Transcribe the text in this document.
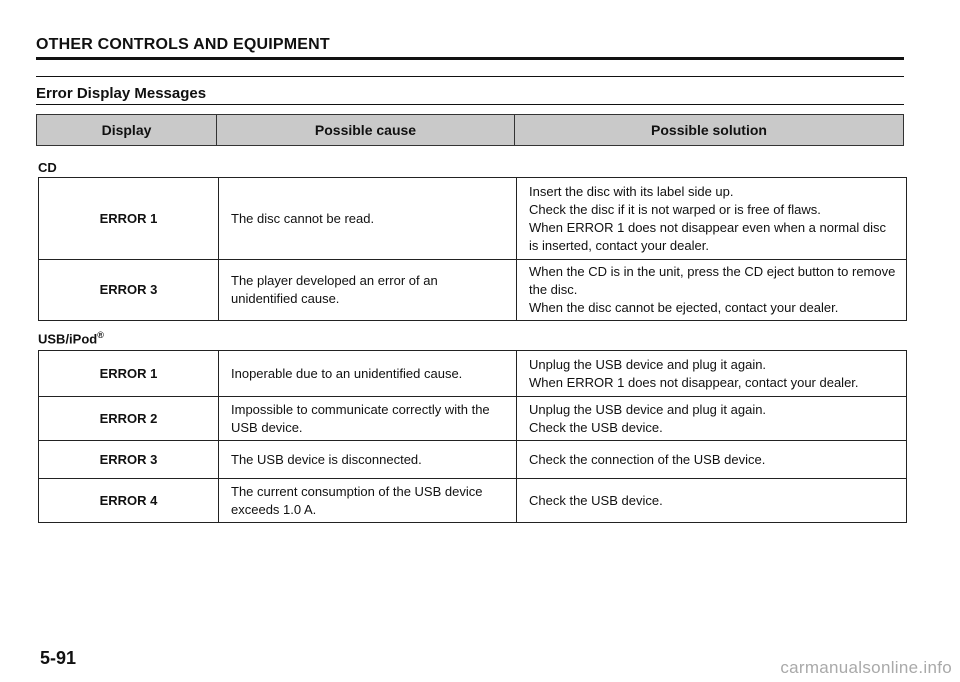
OTHER CONTROLS AND EQUIPMENT
Error Display Messages
Display	Possible cause	Possible solution
CD
ERROR 1	The disc cannot be read.	Insert the disc with its label side up.
Check the disc if it is not warped or is free of flaws.
When ERROR 1 does not disappear even when a normal disc is inserted, contact your dealer.

ERROR 3	The player developed an error of an unidentified cause.	When the CD is in the unit, press the CD eject button to remove the disc.
When the disc cannot be ejected, contact your dealer.
USB/iPod®
ERROR 1	Inoperable due to an unidentified cause.	Unplug the USB device and plug it again.
When ERROR 1 does not disappear, contact your dealer.

ERROR 2	Impossible to communicate correctly with the USB device.	Unplug the USB device and plug it again.
Check the USB device.

ERROR 3	The USB device is disconnected.	Check the connection of the USB device.

ERROR 4	The current consumption of the USB device exceeds 1.0 A.	Check the USB device.
5-91	carmanualsonline.info
